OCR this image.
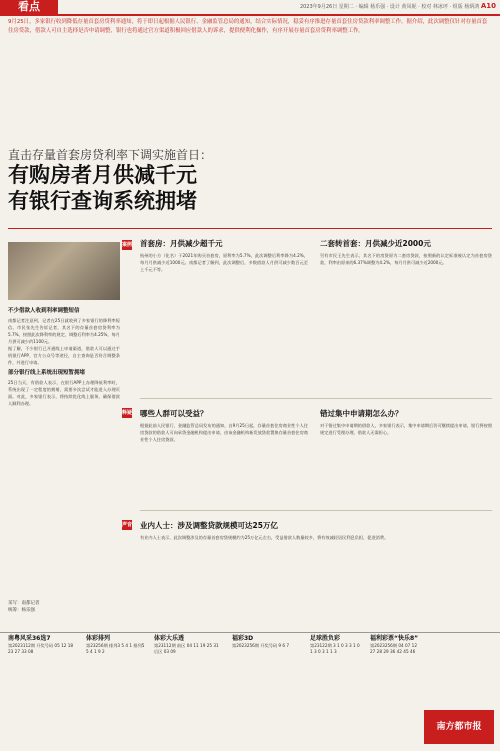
看点	2023年9月26日 星期二 · 编辑 杨乐强 · 设计 黄凤妮 · 校对 林冰坪 · 组版 杨炳鸿 A10
9月25日，多家银行收到降低存量首套房贷利率通知，将于即日起根据人民银行、金融监管总局的通知，结合实际情况，稳妥有序推进存量首套住房贷款利率调整工作。据介绍，此次调整仅针对存量首套住房贷款，借款人可自主选择是否申请调整，银行也将通过官方渠道积极回应借款人的诉求，提供便利化操作，有序开展存量首套房贷利率调整工作。
直击存量首套房贷利率下调实施首日：
有购房者月供减千元
有银行查询系统拥堵
不少借款人收到利率调整短信
南都记者注意到，记者在25日就收到了多家银行的降利率短信。市民张先生告诉记者，其名下的存量首套房贷利率为5.7%，按照此次降利率的规定，调整后利率为4.25%，每月月供可减少约1100元。
据了解，不少银行已开通线上申请渠道，借款人可以通过手机银行APP、官方公众号等途径，自主查询是否符合调整条件，并进行申请。
部分银行线上系统出现短暂拥堵
25日当天，有借款人表示，在银行APP上办理降低利率时，系统出现了一定程度的拥堵，需要多次尝试才能进入办理页面。对此，多家银行表示，将持续优化线上服务，确保借款人顺利办理。
案例
释疑
声音
首套房：月供减少超千元
杭州的小方（化名）于2021年购买首套房，原利率为5.7%，此次调整后利率降为4.2%，每月月供减少近1000元。南都记者了解到，此次调整后，多数借款人月供可减少数百元至上千元不等。
二套转首套：月供减少近2000元
另有市民王先生表示，其名下的房贷原为二套房贷款，按照新的认定标准被认定为首套房贷款，利率由原来的6.37%调整为4.2%，每月月供可减少近2000元。
哪些人群可以受益？
根据此前人民银行、金融监管总局发布的通知，自9月25日起，存量首套住房商业性个人住房贷款的借款人可向承贷金融机构提出申请，由该金融机构新发放贷款置换存量首套住房商业性个人住房贷款。
错过集中申请期怎么办？
对于错过集中申请期的借款人，多家银行表示，集中申请期后仍可继续提出申请，银行将按照规定进行受理办理，借款人无需担心。
业内人士：涉及调整贷款规模可达25万亿
有业内人士表示，此次调整涉及的存量首套房贷规模约为25万亿元左右，受益借款人数量较多，将有效减轻居民利息负担，促进消费。
采写：南都记者
统筹：杨乐强
南粤风采36选7
第2023112期 开奖号码 05 12 18 23 27 33 08
体彩排列
第23256期 排列3 5 4 1 排列5 5 4 1 9 2
体彩大乐透
第23112期 前区 04 11 19 25 31 后区 03 09
福彩3D
第2023256期 开奖号码 9 6 7
足球胜负彩
第23122期 3 1 0 3 3 1 0 1 3 0 3 1 1 3
福利彩票“快乐8”
第2023256期 04 07 12 27 28 29 36 42 45 46
南方都市报
